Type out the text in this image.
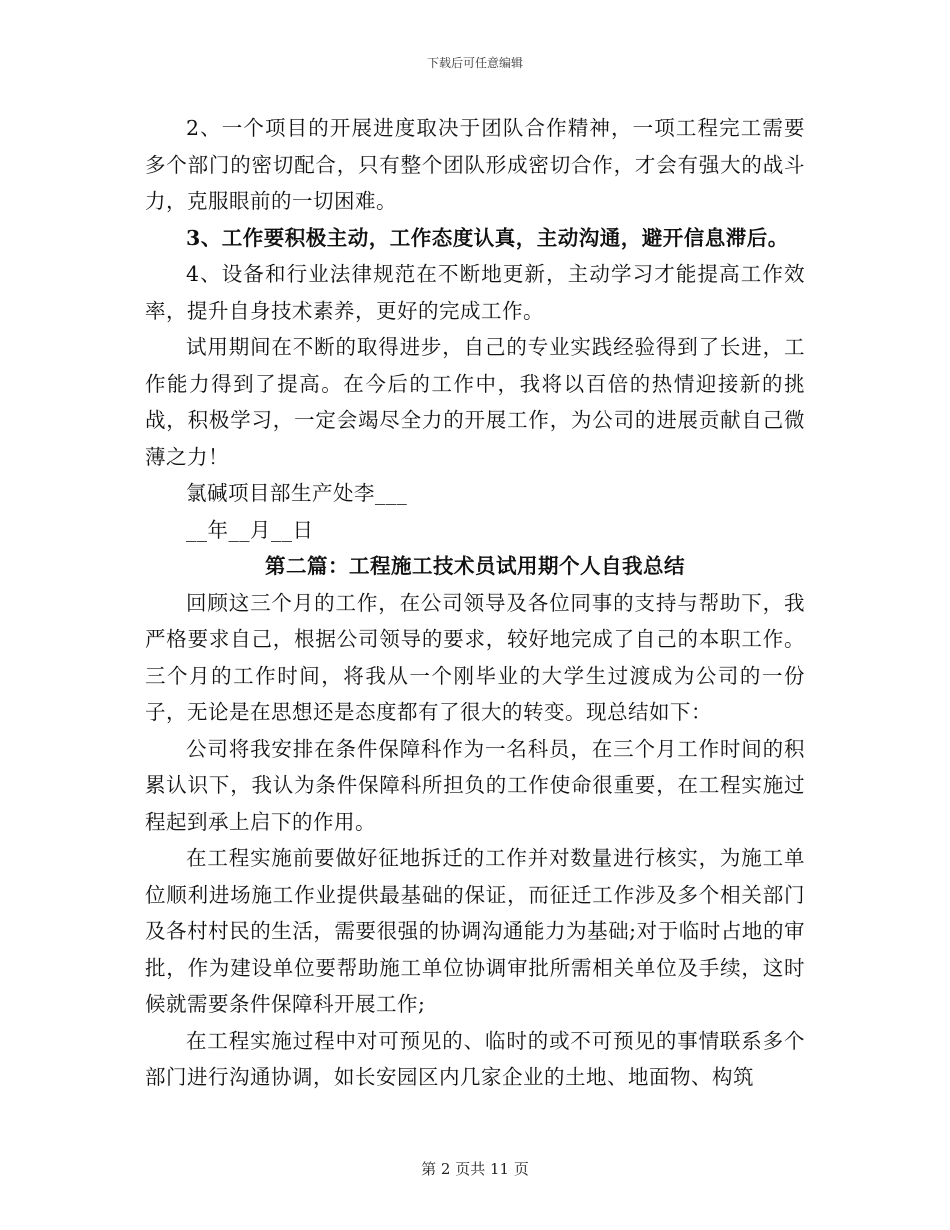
下载后可任意编辑

2、一个项目的开展进度取决于团队合作精神，一项工程完工需要多个部门的密切配合，只有整个团队形成密切合作，才会有强大的战斗力，克服眼前的一切困难。

3、工作要积极主动，工作态度认真，主动沟通，避开信息滞后。

4、设备和行业法律规范在不断地更新，主动学习才能提高工作效率，提升自身技术素养，更好的完成工作。

试用期间在不断的取得进步，自己的专业实践经验得到了长进，工作能力得到了提高。在今后的工作中，我将以百倍的热情迎接新的挑战，积极学习，一定会竭尽全力的开展工作，为公司的进展贡献自己微薄之力！

氯碱项目部生产处李___

__年__月__日

第二篇：工程施工技术员试用期个人自我总结

回顾这三个月的工作，在公司领导及各位同事的支持与帮助下，我严格要求自己，根据公司领导的要求，较好地完成了自己的本职工作。三个月的工作时间，将我从一个刚毕业的大学生过渡成为公司的一份子，无论是在思想还是态度都有了很大的转变。现总结如下：

公司将我安排在条件保障科作为一名科员，在三个月工作时间的积累认识下，我认为条件保障科所担负的工作使命很重要，在工程实施过程起到承上启下的作用。

在工程实施前要做好征地拆迁的工作并对数量进行核实，为施工单位顺利进场施工作业提供最基础的保证，而征迁工作涉及多个相关部门及各村村民的生活，需要很强的协调沟通能力为基础;对于临时占地的审批，作为建设单位要帮助施工单位协调审批所需相关单位及手续，这时候就需要条件保障科开展工作;

在工程实施过程中对可预见的、临时的或不可预见的事情联系多个部门进行沟通协调，如长安园区内几家企业的土地、地面物、构筑

第 2 页共 11 页
